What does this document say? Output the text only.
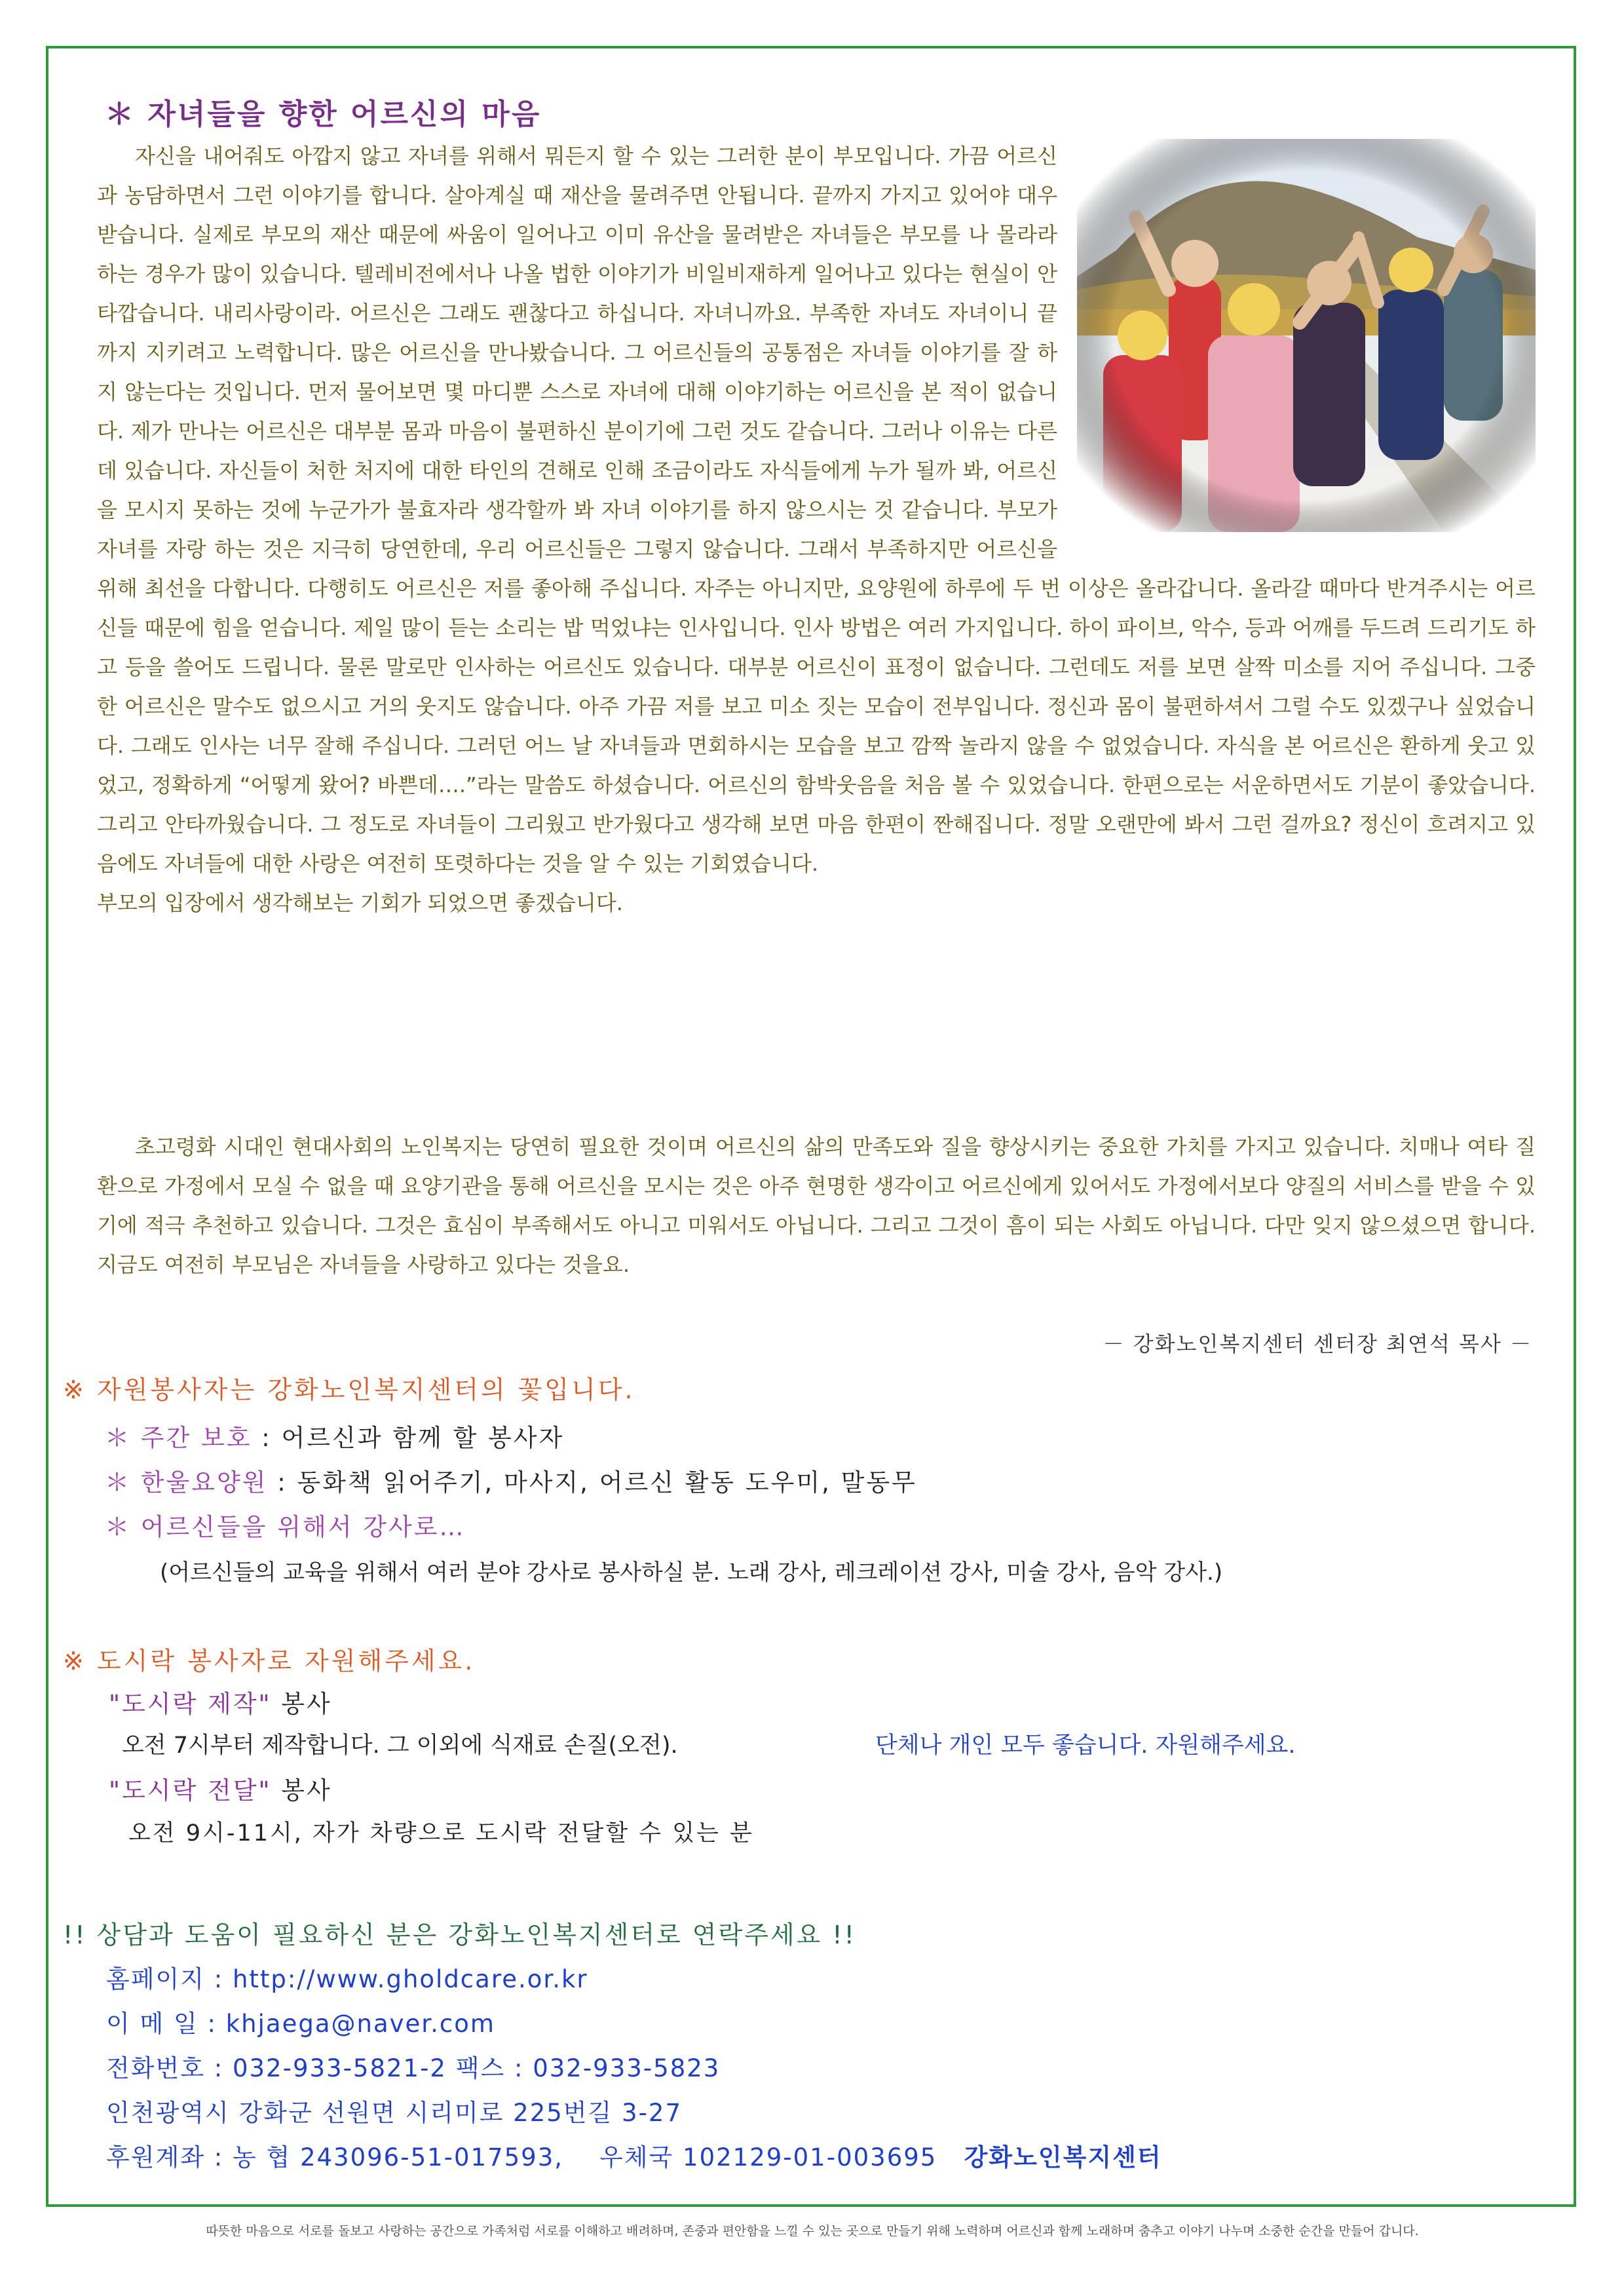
＊ 자녀들을 향한 어르신의 마음

자신을 내어줘도 아깝지 않고 자녀를 위해서 뭐든지 할 수 있는 그러한 분이 부모입니다. 가끔 어르신과 농담하면서 그런 이야기를 합니다. 살아계실 때 재산을 물려주면 안됩니다. 끝까지 가지고 있어야 대우받습니다. 실제로 부모의 재산 때문에 싸움이 일어나고 이미 유산을 물려받은 자녀들은 부모를 나 몰라라 하는 경우가 많이 있습니다. 텔레비전에서나 나올 법한 이야기가 비일비재하게 일어나고 있다는 현실이 안타깝습니다. 내리사랑이라. 어르신은 그래도 괜찮다고 하십니다. 자녀니까요. 부족한 자녀도 자녀이니 끝까지 지키려고 노력합니다. 많은 어르신을 만나봤습니다. 그 어르신들의 공통점은 자녀들 이야기를 잘 하지 않는다는 것입니다. 먼저 물어보면 몇 마디뿐 스스로 자녀에 대해 이야기하는 어르신을 본 적이 없습니다. 제가 만나는 어르신은 대부분 몸과 마음이 불편하신 분이기에 그런 것도 같습니다. 그러나 이유는 다른 데 있습니다. 자신들이 처한 처지에 대한 타인의 견해로 인해 조금이라도 자식들에게 누가 될까 봐, 어르신을 모시지 못하는 것에 누군가가 불효자라 생각할까 봐 자녀 이야기를 하지 않으시는 것 같습니다. 부모가 자녀를 자랑 하는 것은 지극히 당연한데, 우리 어르신들은 그렇지 않습니다. 그래서 부족하지만 어르신을 위해 최선을 다합니다. 다행히도 어르신은 저를 좋아해 주십니다. 자주는 아니지만, 요양원에 하루에 두 번 이상은 올라갑니다. 올라갈 때마다 반겨주시는 어르신들 때문에 힘을 얻습니다. 제일 많이 듣는 소리는 밥 먹었냐는 인사입니다. 인사 방법은 여러 가지입니다. 하이 파이브, 악수, 등과 어깨를 두드려 드리기도 하고 등을 쓸어도 드립니다. 물론 말로만 인사하는 어르신도 있습니다. 대부분 어르신이 표정이 없습니다. 그런데도 저를 보면 살짝 미소를 지어 주십니다. 그중 한 어르신은 말수도 없으시고 거의 웃지도 않습니다. 아주 가끔 저를 보고 미소 짓는 모습이 전부입니다. 정신과 몸이 불편하셔서 그럴 수도 있겠구나 싶었습니다. 그래도 인사는 너무 잘해 주십니다. 그러던 어느 날 자녀들과 면회하시는 모습을 보고 깜짝 놀라지 않을 수 없었습니다. 자식을 본 어르신은 환하게 웃고 있었고, 정확하게 “어떻게 왔어? 바쁜데….”라는 말씀도 하셨습니다. 어르신의 함박웃음을 처음 볼 수 있었습니다. 한편으로는 서운하면서도 기분이 좋았습니다. 그리고 안타까웠습니다. 그 정도로 자녀들이 그리웠고 반가웠다고 생각해 보면 마음 한편이 짠해집니다. 정말 오랜만에 봐서 그런 걸까요? 정신이 흐려지고 있음에도 자녀들에 대한 사랑은 여전히 또렷하다는 것을 알 수 있는 기회였습니다.

부모의 입장에서 생각해보는 기회가 되었으면 좋겠습니다.

초고령화 시대인 현대사회의 노인복지는 당연히 필요한 것이며 어르신의 삶의 만족도와 질을 향상시키는 중요한 가치를 가지고 있습니다. 치매나 여타 질환으로 가정에서 모실 수 없을 때 요양기관을 통해 어르신을 모시는 것은 아주 현명한 생각이고 어르신에게 있어서도 가정에서보다 양질의 서비스를 받을 수 있기에 적극 추천하고 있습니다. 그것은 효심이 부족해서도 아니고 미워서도 아닙니다. 그리고 그것이 흠이 되는 사회도 아닙니다. 다만 잊지 않으셨으면 합니다. 지금도 여전히 부모님은 자녀들을 사랑하고 있다는 것을요.

－ 강화노인복지센터 센터장 최연석 목사 －
※ 자원봉사자는 강화노인복지센터의 꽃입니다.
＊ 주간 보호 : 어르신과 함께 할 봉사자
＊ 한울요양원 : 동화책 읽어주기, 마사지, 어르신 활동 도우미, 말동무
＊ 어르신들을 위해서 강사로…
(어르신들의 교육을 위해서 여러 분야 강사로 봉사하실 분. 노래 강사, 레크레이션 강사, 미술 강사, 음악 강사.)
※ 도시락 봉사자로 자원해주세요.
"도시락 제작" 봉사
오전 7시부터 제작합니다. 그 이외에 식재료 손질(오전).	단체나 개인 모두 좋습니다. 자원해주세요.
"도시락 전달" 봉사
오전 9시-11시, 자가 차량으로 도시락 전달할 수 있는 분
!! 상담과 도움이 필요하신 분은 강화노인복지센터로 연락주세요 !!
홈페이지 : http://www.gholdcare.or.kr
이 메 일 : khjaega@naver.com
전화번호 : 032-933-5821-2 팩스 : 032-933-5823
인천광역시 강화군 선원면 시리미로 225번길 3-27
후원계좌 : 농 협 243096-51-017593, 우체국 102129-01-003695 강화노인복지센터
따뜻한 마음으로 서로를 돌보고 사랑하는 공간으로 가족처럼 서로를 이해하고 배려하며, 존중과 편안함을 느낄 수 있는 곳으로 만들기 위해 노력하며 어르신과 함께 노래하며 춤추고 이야기 나누며 소중한 순간을 만들어 갑니다.
